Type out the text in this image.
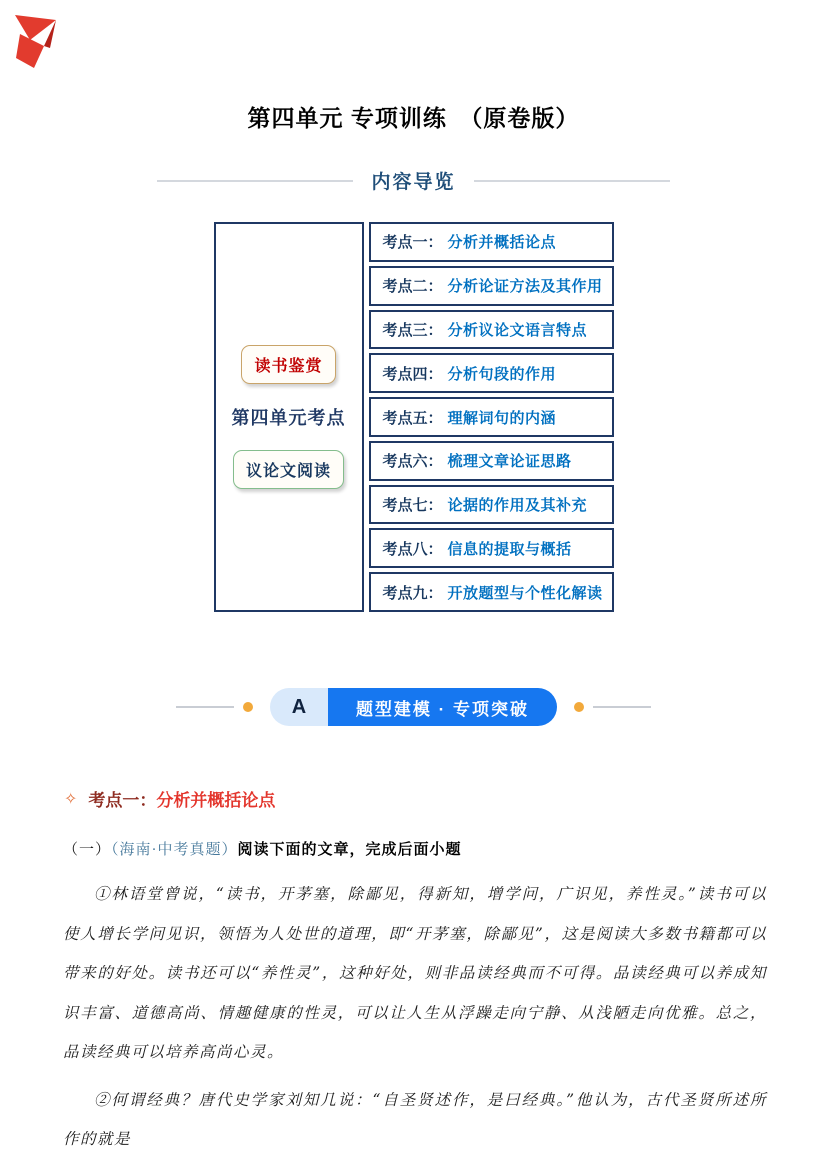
第四单元 专项训练　（原卷版）
内容导览
读书鉴赏
第四单元考点
议论文阅读
考点一： 分析并概括论点
考点二： 分析论证方法及其作用
考点三： 分析议论文语言特点
考点四： 分析句段的作用
考点五： 理解词句的内涵
考点六： 梳理文章论证思路
考点七： 论据的作用及其补充
考点八： 信息的提取与概括
考点九： 开放题型与个性化解读
A	题型建模 · 专项突破
✧ 考点一：分析并概括论点
（一）（海南·中考真题）阅读下面的文章，完成后面小题

①林语堂曾说，“读书，开茅塞，除鄙见，得新知，增学问，广识见，养性灵。”读书可以使人增长学问见识，领悟为人处世的道理，即“开茅塞，除鄙见”，这是阅读大多数书籍都可以带来的好处。读书还可以“养性灵”，这种好处，则非品读经典而不可得。品读经典可以养成知识丰富、道德高尚、情趣健康的性灵，可以让人生从浮躁走向宁静、从浅陋走向优雅。总之，品读经典可以培养高尚心灵。

②何谓经典？唐代史学家刘知几说：“自圣贤述作，是曰经典。”他认为，古代圣贤所述所作的就是
